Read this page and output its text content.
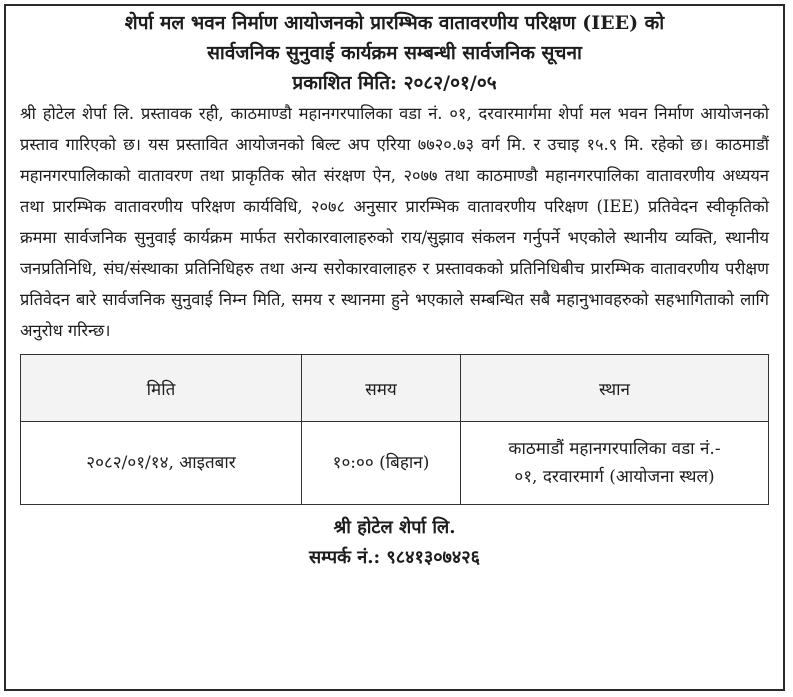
शेर्पा मल भवन निर्माण आयोजनको प्रारम्भिक वातावरणीय परिक्षण (IEE) को
सार्वजनिक सुनुवाई कार्यक्रम सम्बन्धी सार्वजनिक सूचना

प्रकाशित मिति: २०८२/०१/०५

श्री होटेल शेर्पा लि. प्रस्तावक रही, काठमाण्डौ महानगरपालिका वडा नं. ०१, दरवारमार्गमा शेर्पा मल भवन निर्माण आयोजनको प्रस्ताव गारिएको छ। यस प्रस्तावित आयोजनको बिल्ट अप एरिया ७७२०.७३ वर्ग मि. र उचाइ १५.९ मि. रहेको छ। काठमाडौं महानगरपालिकाको वातावरण तथा प्राकृतिक स्रोत संरक्षण ऐन, २०७७ तथा काठमाण्डौ महानगरपालिका वातावरणीय अध्ययन तथा प्रारम्भिक वातावरणीय परिक्षण कार्यविधि, २०७८ अनुसार प्रारम्भिक वातावरणीय परिक्षण (IEE) प्रतिवेदन स्वीकृतिको क्रममा सार्वजनिक सुनुवाई कार्यक्रम मार्फत सरोकारवालाहरुको राय/सुझाव संकलन गर्नुपर्ने भएकोले स्थानीय व्यक्ति, स्थानीय जनप्रतिनिधि, संघ/संस्थाका प्रतिनिधिहरु तथा अन्य सरोकारवालाहरु र प्रस्तावकको प्रतिनिधिबीच प्रारम्भिक वातावरणीय परीक्षण प्रतिवेदन बारे सार्वजनिक सुनुवाई निम्न मिति, समय र स्थानमा हुने भएकाले सम्बन्धित सबै महानुभावहरुको सहभागिताको लागि अनुरोध गरिन्छ।

मिति	समय	स्थान
२०८२/०१/१४, आइतबार	१०:०० (बिहान)	काठमाडौं महानगरपालिका वडा नं.-
०१, दरवारमार्ग (आयोजना स्थल)
श्री होटेल शेर्पा लि.
सम्पर्क नं.: ९८४१३०७४२६
